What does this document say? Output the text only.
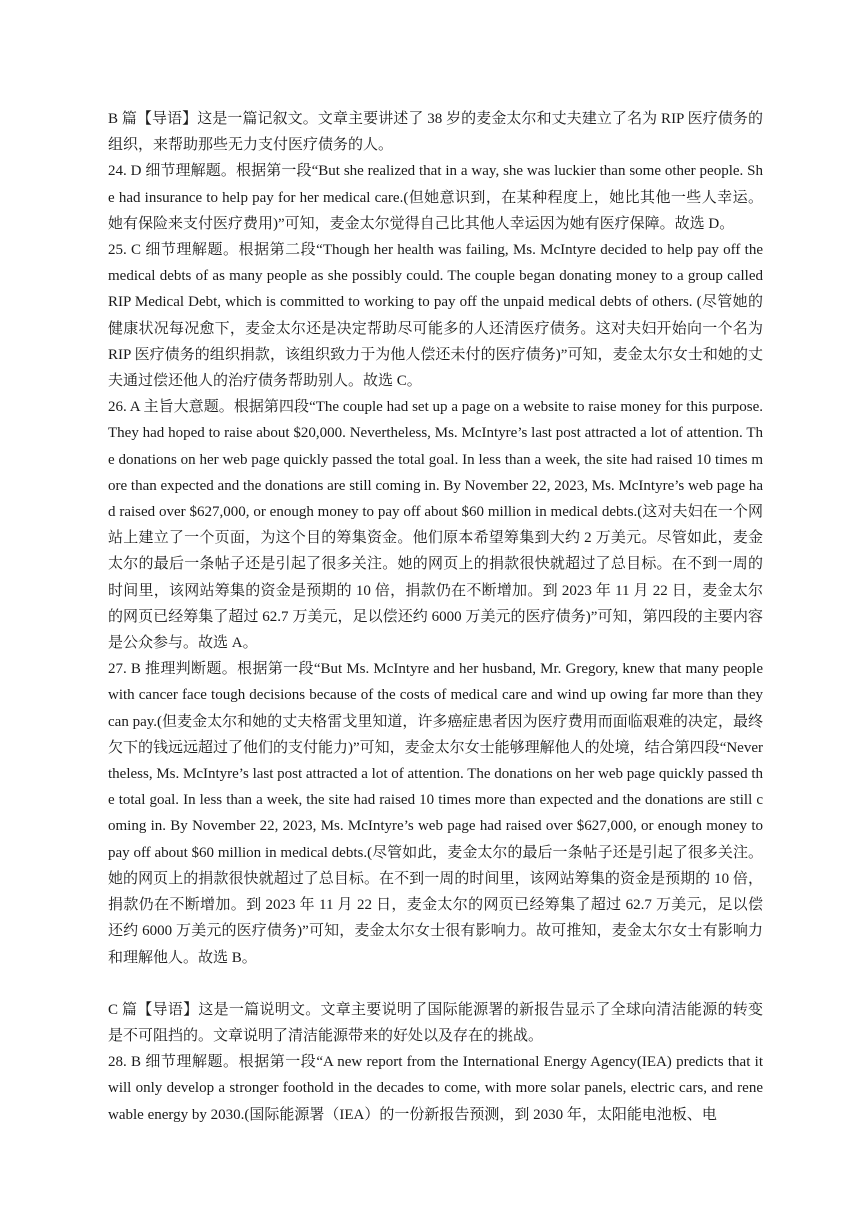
B 篇【导语】这是一篇记叙文。文章主要讲述了 38 岁的麦金太尔和丈夫建立了名为 RIP 医疗债务的组织，来帮助那些无力支付医疗债务的人。

24. D 细节理解题。根据第一段“But she realized that in a way, she was luckier than some other people. She had insurance to help pay for her medical care.(但她意识到，在某种程度上，她比其他一些人幸运。她有保险来支付医疗费用)”可知，麦金太尔觉得自己比其他人幸运因为她有医疗保障。故选 D。

25. C 细节理解题。根据第二段“Though her health was failing, Ms. McIntyre decided to help pay off the medical debts of as many people as she possibly could. The couple began donating money to a group called RIP Medical Debt, which is committed to working to pay off the unpaid medical debts of others. (尽管她的健康状况每况愈下，麦金太尔还是决定帮助尽可能多的人还清医疗债务。这对夫妇开始向一个名为 RIP 医疗债务的组织捐款，该组织致力于为他人偿还未付的医疗债务)”可知，麦金太尔女士和她的丈夫通过偿还他人的治疗债务帮助别人。故选 C。

26. A 主旨大意题。根据第四段“The couple had set up a page on a website to raise money for this purpose. They had hoped to raise about $20,000. Nevertheless, Ms. McIntyre’s last post attracted a lot of attention. The donations on her web page quickly passed the total goal. In less than a week, the site had raised 10 times more than expected and the donations are still coming in. By November 22, 2023, Ms. McIntyre’s web page had raised over $627,000, or enough money to pay off about $60 million in medical debts.(这对夫妇在一个网站上建立了一个页面，为这个目的筹集资金。他们原本希望筹集到大约 2 万美元。尽管如此，麦金太尔的最后一条帖子还是引起了很多关注。她的网页上的捐款很快就超过了总目标。在不到一周的时间里，该网站筹集的资金是预期的 10 倍，捐款仍在不断增加。到 2023 年 11 月 22 日，麦金太尔的网页已经筹集了超过 62.7 万美元，足以偿还约 6000 万美元的医疗债务)”可知，第四段的主要内容是公众参与。故选 A。

27. B 推理判断题。根据第一段“But Ms. McIntyre and her husband, Mr. Gregory, knew that many people with cancer face tough decisions because of the costs of medical care and wind up owing far more than they can pay.(但麦金太尔和她的丈夫格雷戈里知道，许多癌症患者因为医疗费用而面临艰难的决定，最终欠下的钱远远超过了他们的支付能力)”可知，麦金太尔女士能够理解他人的处境，结合第四段“Nevertheless, Ms. McIntyre’s last post attracted a lot of attention. The donations on her web page quickly passed the total goal. In less than a week, the site had raised 10 times more than expected and the donations are still coming in. By November 22, 2023, Ms. McIntyre’s web page had raised over $627,000, or enough money to pay off about $60 million in medical debts.(尽管如此，麦金太尔的最后一条帖子还是引起了很多关注。她的网页上的捐款很快就超过了总目标。在不到一周的时间里，该网站筹集的资金是预期的 10 倍，捐款仍在不断增加。到 2023 年 11 月 22 日，麦金太尔的网页已经筹集了超过 62.7 万美元，足以偿还约 6000 万美元的医疗债务)”可知，麦金太尔女士很有影响力。故可推知，麦金太尔女士有影响力和理解他人。故选 B。

C 篇【导语】这是一篇说明文。文章主要说明了国际能源署的新报告显示了全球向清洁能源的转变是不可阻挡的。文章说明了清洁能源带来的好处以及存在的挑战。

28. B 细节理解题。根据第一段“A new report from the International Energy Agency(IEA) predicts that it will only develop a stronger foothold in the decades to come, with more solar panels, electric cars, and renewable energy by 2030.(国际能源署（IEA）的一份新报告预测，到 2030 年，太阳能电池板、电
